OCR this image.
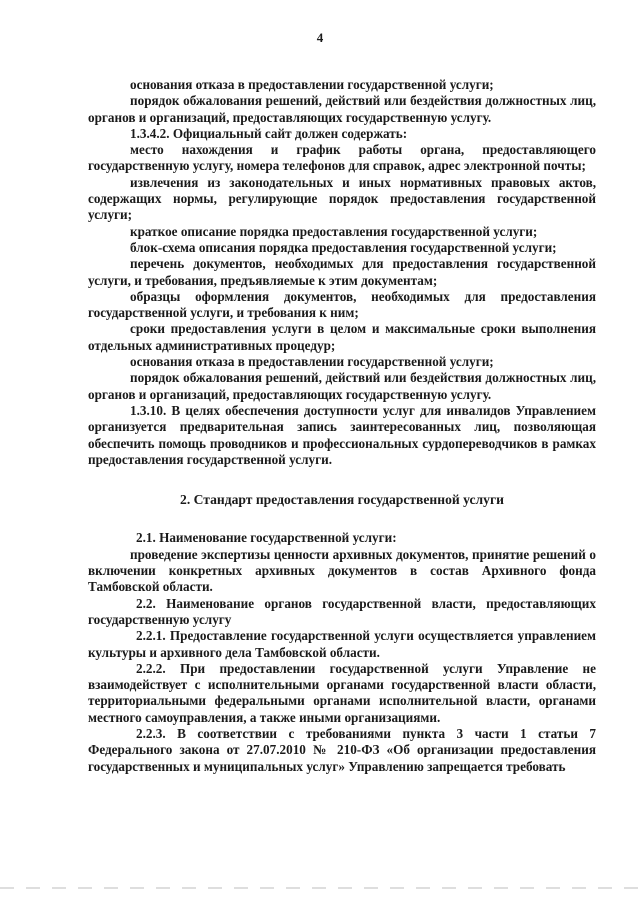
4

основания отказа в предоставлении государственной услуги;

порядок обжалования решений, действий или бездействия должностных лиц, органов и организаций, предоставляющих государственную услугу.

1.3.4.2. Официальный сайт должен содержать:

место нахождения и график работы органа, предоставляющего государственную услугу, номера телефонов для справок, адрес электронной почты;

извлечения из законодательных и иных нормативных правовых актов, содержащих нормы, регулирующие порядок предоставления государственной услуги;

краткое описание порядка предоставления государственной услуги;

блок-схема описания порядка предоставления государственной услуги;

перечень документов, необходимых для предоставления государственной услуги, и требования, предъявляемые к этим документам;

образцы оформления документов, необходимых для предоставления государственной услуги, и требования к ним;

сроки предоставления услуги в целом и максимальные сроки выполнения отдельных административных процедур;

основания отказа в предоставлении государственной услуги;

порядок обжалования решений, действий или бездействия должностных лиц, органов и организаций, предоставляющих государственную услугу.

1.3.10. В целях обеспечения доступности услуг для инвалидов Управлением организуется предварительная запись заинтересованных лиц, позволяющая обеспечить помощь проводников и профессиональных сурдопереводчиков в рамках предоставления государственной услуги.

2. Стандарт предоставления государственной услуги

2.1. Наименование государственной услуги:

проведение экспертизы ценности архивных документов, принятие решений о включении конкретных архивных документов в состав Архивного фонда Тамбовской области.

2.2. Наименование органов государственной власти, предоставляющих государственную услугу

2.2.1. Предоставление государственной услуги осуществляется управлением культуры и архивного дела Тамбовской области.

2.2.2. При предоставлении государственной услуги Управление не взаимодействует с исполнительными органами государственной власти области, территориальными федеральными органами исполнительной власти, органами местного самоуправления, а также иными организациями.

2.2.3. В соответствии с требованиями пункта 3 части 1 статьи 7 Федерального закона от 27.07.2010 № 210-ФЗ «Об организации предоставления государственных и муниципальных услуг» Управлению запрещается требовать
